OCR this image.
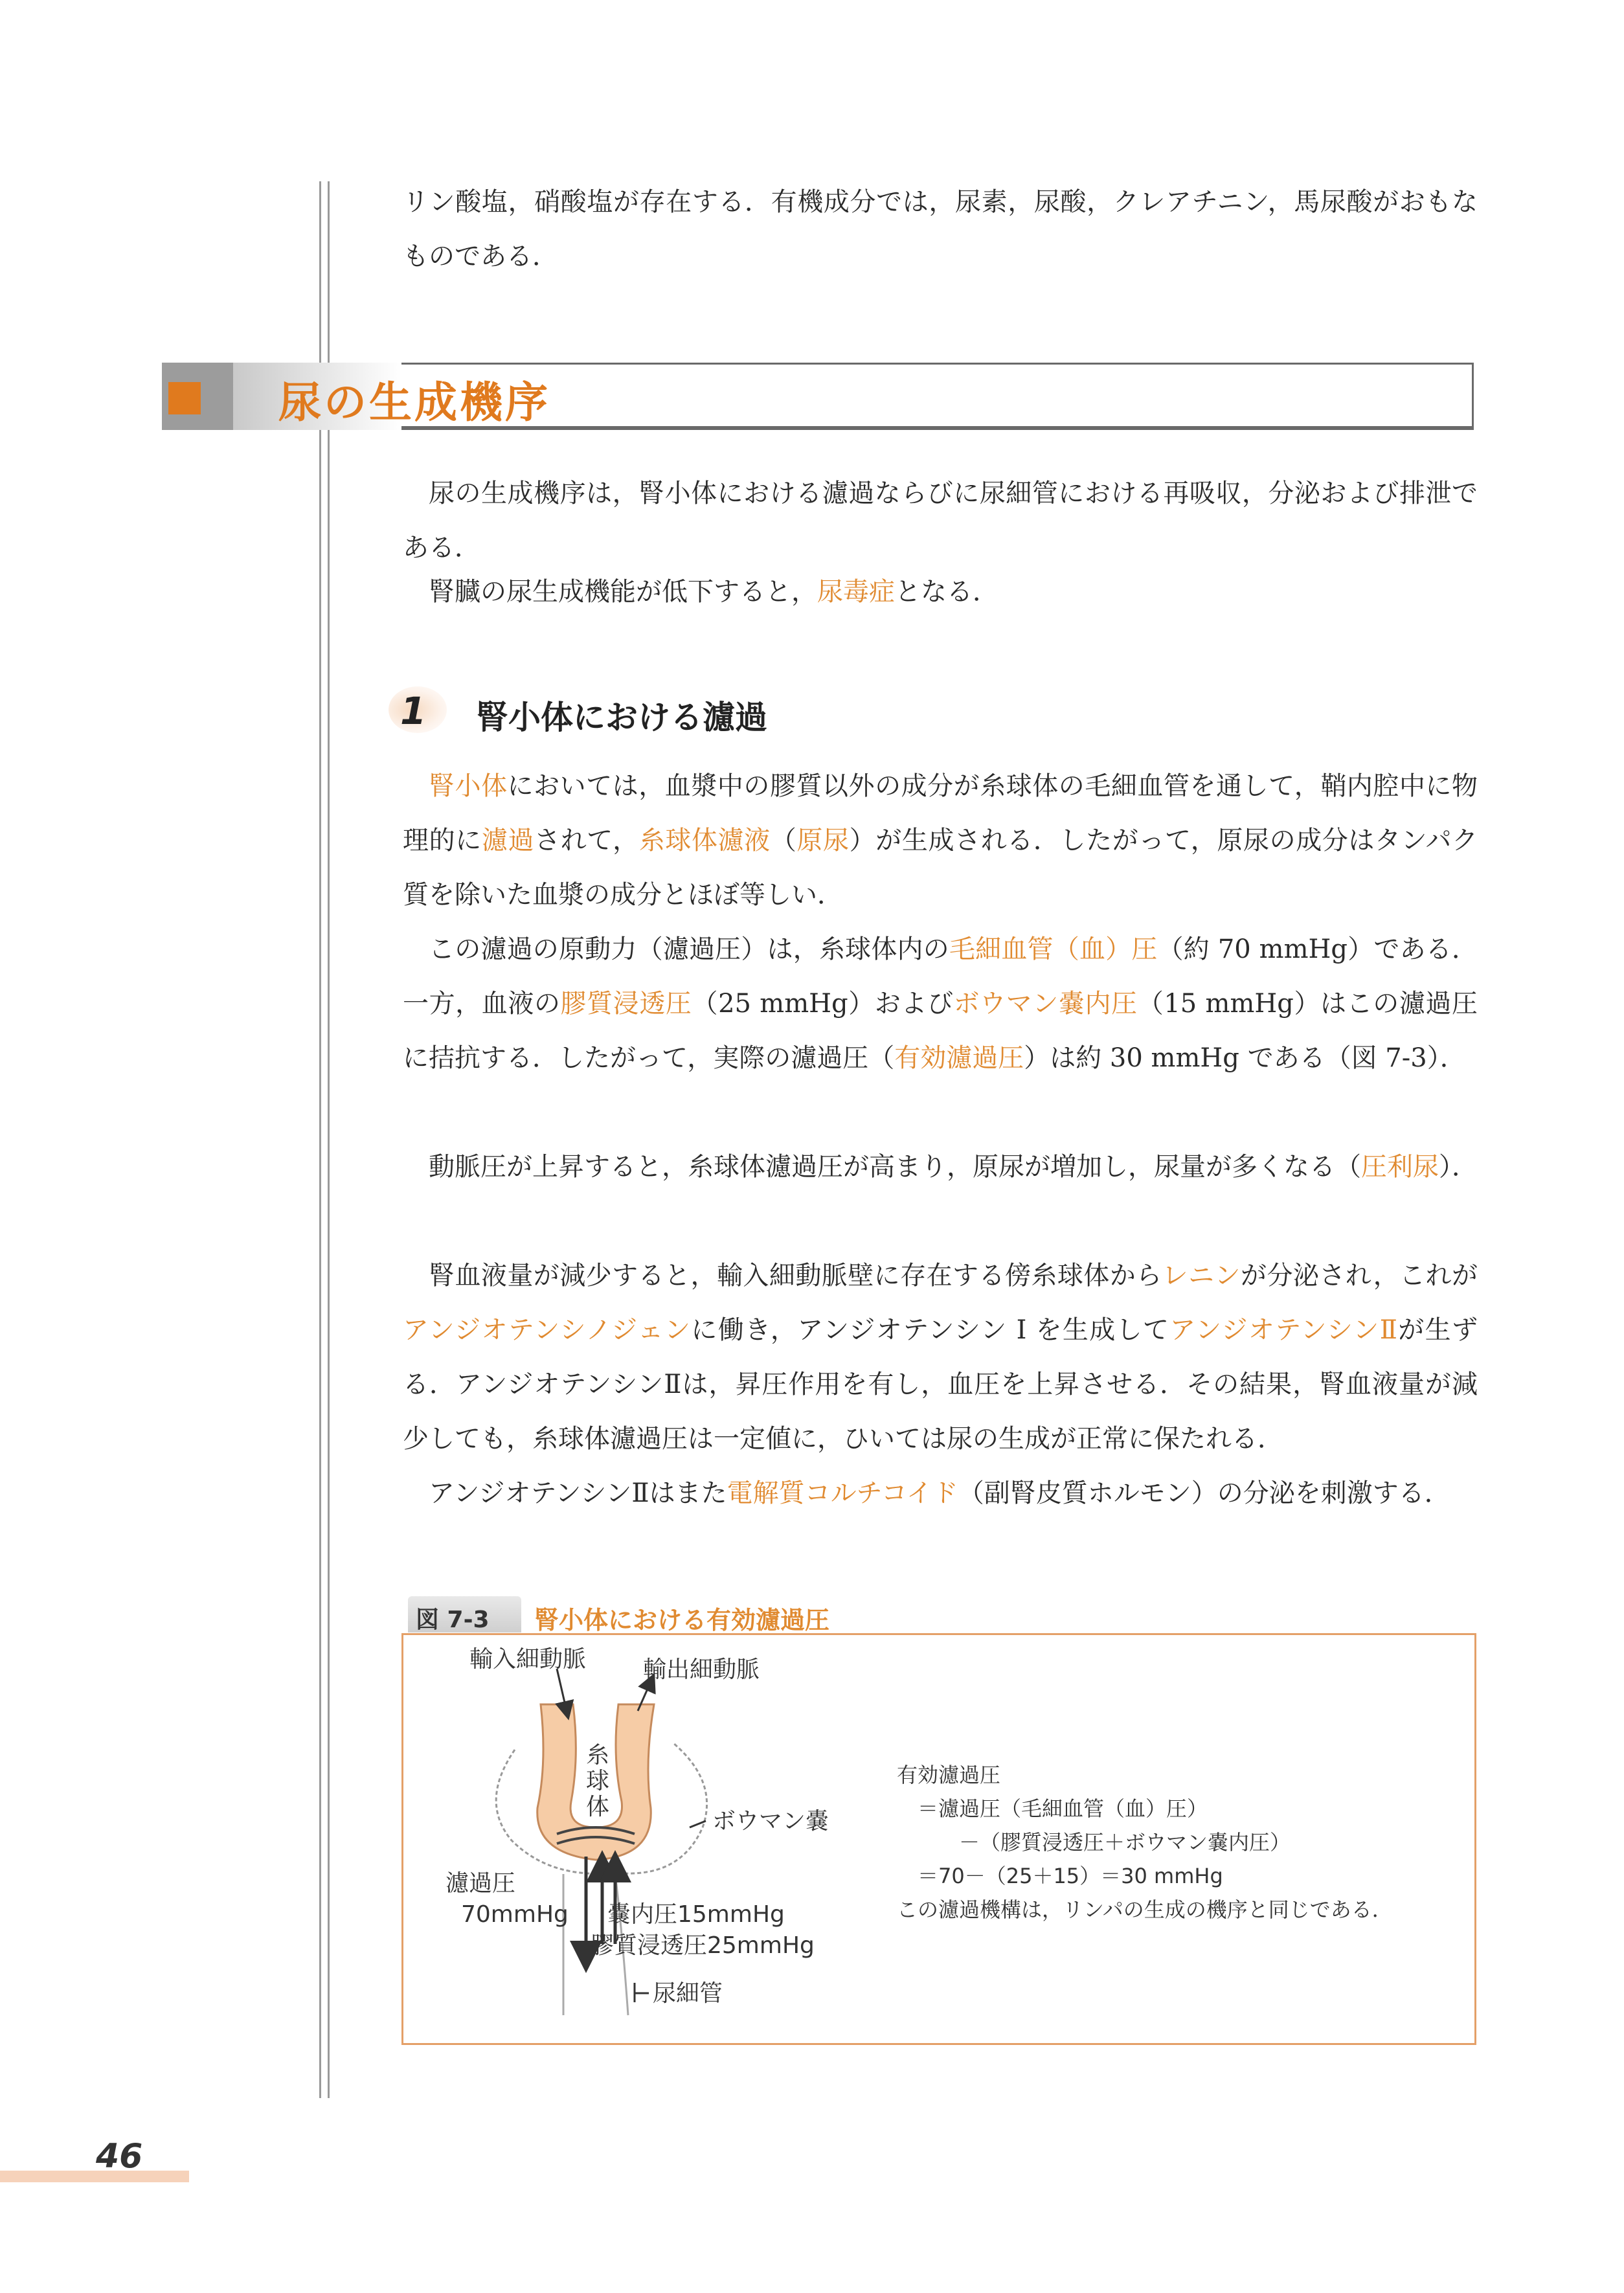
リン酸塩，硝酸塩が存在する．有機成分では，尿素，尿酸，クレアチニン，馬尿酸がおもなものである．

尿の生成機序

尿の生成機序は，腎小体における濾過ならびに尿細管における再吸収，分泌および排泄である．

腎臓の尿生成機能が低下すると，尿毒症となる．

1 腎小体における濾過

腎小体においては，血漿中の膠質以外の成分が糸球体の毛細血管を通して，鞘内腔中に物理的に濾過されて，糸球体濾液（原尿）が生成される．したがって，原尿の成分はタンパク質を除いた血漿の成分とほぼ等しい．

この濾過の原動力（濾過圧）は，糸球体内の毛細血管（血）圧（約 70 mmHg）である．一方，血液の膠質浸透圧（25 mmHg）およびボウマン嚢内圧（15 mmHg）はこの濾過圧に拮抗する．したがって，実際の濾過圧（有効濾過圧）は約 30 mmHg である（図 7-3）．

動脈圧が上昇すると，糸球体濾過圧が高まり，原尿が増加し，尿量が多くなる（圧利尿）．

腎血液量が減少すると，輸入細動脈壁に存在する傍糸球体からレニンが分泌され，これがアンジオテンシノジェンに働き，アンジオテンシン I を生成してアンジオテンシンⅡが生ずる．アンジオテンシンⅡは，昇圧作用を有し，血圧を上昇させる．その結果，腎血液量が減少しても，糸球体濾過圧は一定値に，ひいては尿の生成が正常に保たれる．

アンジオテンシンⅡはまた電解質コルチコイド（副腎皮質ホルモン）の分泌を刺激する．

図 7-3 腎小体における有効濾過圧
輸入細動脈 輸出細動脈
糸
球
体
ボウマン嚢
濾過圧
70mmHg 嚢内圧15mmHg
膠質浸透圧25mmHg
尿細管
有効濾過圧
　＝濾過圧（毛細血管（血）圧）
　　　－（膠質浸透圧＋ボウマン嚢内圧）
　＝70－（25＋15）＝30 mmHg
この濾過機構は，リンパの生成の機序と同じである．
46
